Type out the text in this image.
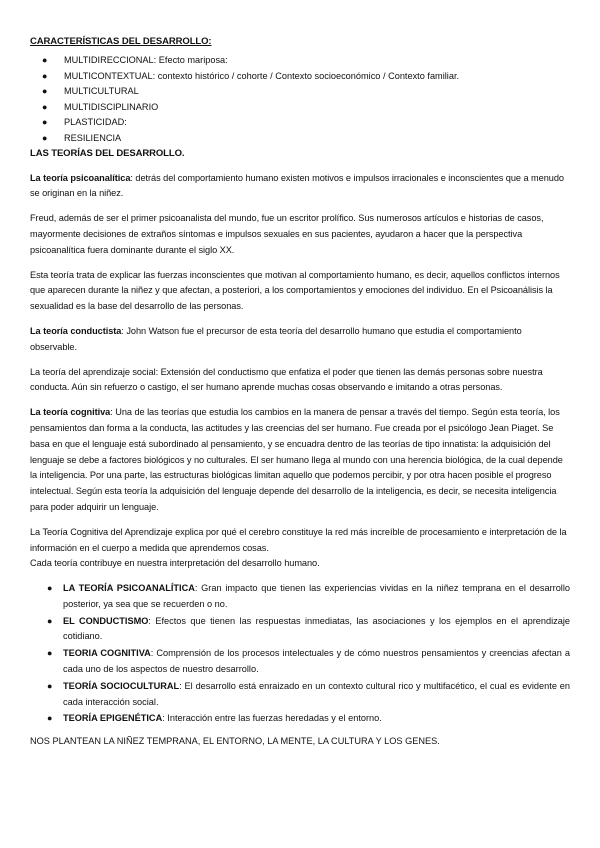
CARACTERÍSTICAS DEL DESARROLLO:
● MULTIDIRECCIONAL: Efecto mariposa:
● MULTICONTEXTUAL: contexto histórico / cohorte / Contexto socioeconómico / Contexto familiar.
● MULTICULTURAL
● MULTIDISCIPLINARIO
● PLASTICIDAD:
● RESILIENCIA
LAS TEORÍAS DEL DESARROLLO.

La teoría psicoanalítica: detrás del comportamiento humano existen motivos e impulsos irracionales e inconscientes que a menudo se originan en la niñez.

Freud, además de ser el primer psicoanalista del mundo, fue un escritor prolífico. Sus numerosos artículos e historias de casos, mayormente decisiones de extraños síntomas e impulsos sexuales en sus pacientes, ayudaron a hacer que la perspectiva psicoanalítica fuera dominante durante el siglo XX.

Esta teoría trata de explicar las fuerzas inconscientes que motivan al comportamiento humano, es decir, aquellos conflictos internos que aparecen durante la niñez y que afectan, a posteriori, a los comportamientos y emociones del individuo. En el Psicoanálisis la sexualidad es la base del desarrollo de las personas.

La teoría conductista: John Watson fue el precursor de esta teoría del desarrollo humano que estudia el comportamiento observable.

La teoría del aprendizaje social: Extensión del conductismo que enfatiza el poder que tienen las demás personas sobre nuestra conducta. Aún sin refuerzo o castigo, el ser humano aprende muchas cosas observando e imitando a otras personas.

La teoría cognitiva: Una de las teorías que estudia los cambios en la manera de pensar a través del tiempo. Según esta teoría, los pensamientos dan forma a la conducta, las actitudes y las creencias del ser humano. Fue creada por el psicólogo Jean Piaget. Se basa en que el lenguaje está subordinado al pensamiento, y se encuadra dentro de las teorías de tipo innatista: la adquisición del lenguaje se debe a factores biológicos y no culturales. El ser humano llega al mundo con una herencia biológica, de la cual depende la inteligencia. Por una parte, las estructuras biológicas limitan aquello que podemos percibir, y por otra hacen posible el progreso intelectual. Según esta teoría la adquisición del lenguaje depende del desarrollo de la inteligencia, es decir, se necesita inteligencia para poder adquirir un lenguaje.

La Teoría Cognitiva del Aprendizaje explica por qué el cerebro constituye la red más increíble de procesamiento e interpretación de la información en el cuerpo a medida que aprendemos cosas.
Cada teoría contribuye en nuestra interpretación del desarrollo humano.

● LA TEORÍA PSICOANALÍTICA: Gran impacto que tienen las experiencias vividas en la niñez temprana en el desarrollo posterior, ya sea que se recuerden o no.
● EL CONDUCTISMO: Efectos que tienen las respuestas inmediatas, las asociaciones y los ejemplos en el aprendizaje cotidiano.
● TEORIA COGNITIVA: Comprensión de los procesos intelectuales y de cómo nuestros pensamientos y creencias afectan a cada uno de los aspectos de nuestro desarrollo.
● TEORÍA SOCIOCULTURAL: El desarrollo está enraizado en un contexto cultural rico y multifacético, el cual es evidente en cada interacción social.
● TEORÍA EPIGENÉTICA: Interacción entre las fuerzas heredadas y el entorno.
NOS PLANTEAN LA NIÑEZ TEMPRANA, EL ENTORNO, LA MENTE, LA CULTURA Y LOS GENES.
